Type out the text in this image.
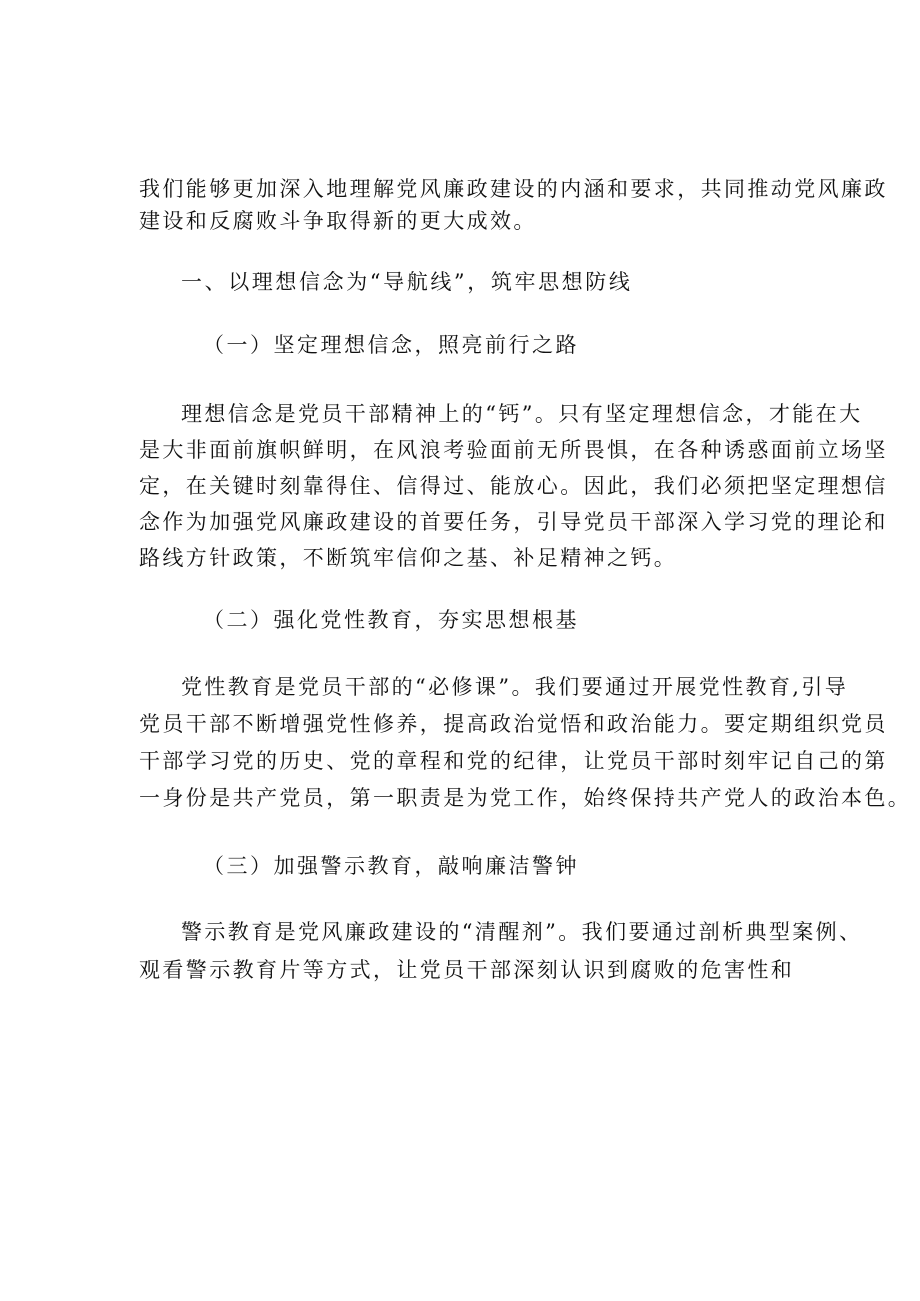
我们能够更加深入地理解党风廉政建设的内涵和要求，共同推动党风廉政
建设和反腐败斗争取得新的更大成效。
一、以理想信念为“导航线”，筑牢思想防线
（一）坚定理想信念，照亮前行之路
理想信念是党员干部精神上的“钙”。只有坚定理想信念，才能在大
是大非面前旗帜鲜明，在风浪考验面前无所畏惧，在各种诱惑面前立场坚
定，在关键时刻靠得住、信得过、能放心。因此，我们必须把坚定理想信
念作为加强党风廉政建设的首要任务，引导党员干部深入学习党的理论和
路线方针政策，不断筑牢信仰之基、补足精神之钙。
（二）强化党性教育，夯实思想根基
党性教育是党员干部的“必修课”。我们要通过开展党性教育,引导
党员干部不断增强党性修养，提高政治觉悟和政治能力。要定期组织党员
干部学习党的历史、党的章程和党的纪律，让党员干部时刻牢记自己的第
一身份是共产党员，第一职责是为党工作，始终保持共产党人的政治本色。
（三）加强警示教育，敲响廉洁警钟
警示教育是党风廉政建设的“清醒剂”。我们要通过剖析典型案例、
观看警示教育片等方式，让党员干部深刻认识到腐败的危害性和
